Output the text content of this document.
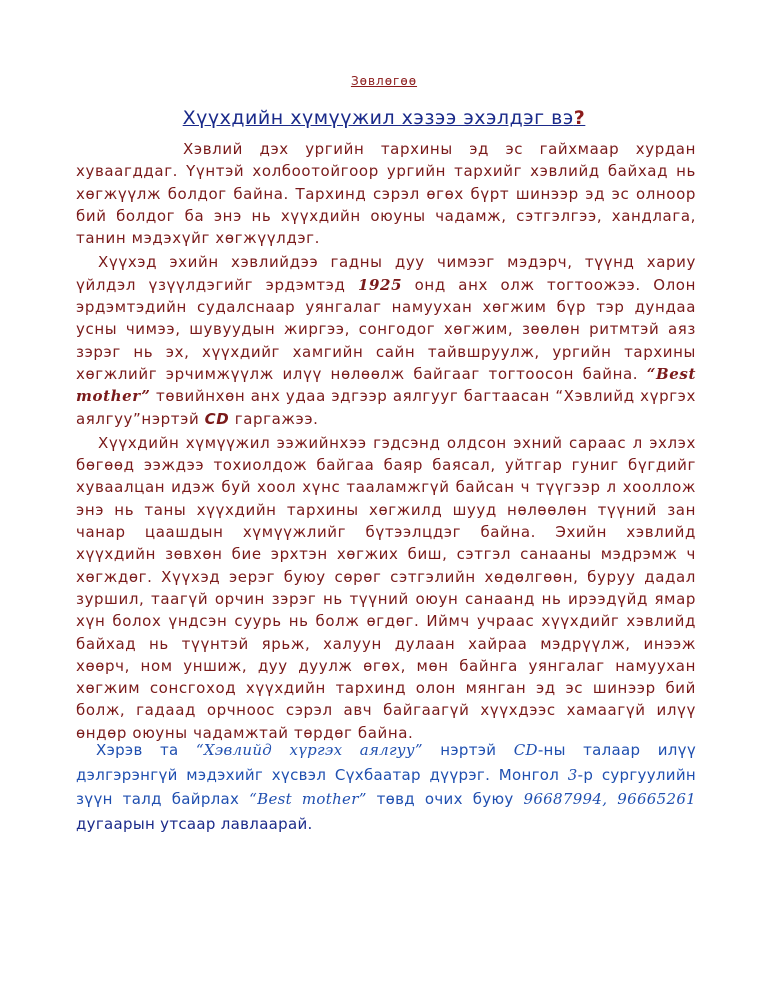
Зөвлөгөө
Хүүхдийн хүмүүжил хэзээ эхэлдэг вэ?

Хэвлий дэх ургийн тархины эд эс гайхмаар хурдан хуваагддаг. Үүнтэй холбоотойгоор ургийн тархийг хэвлийд байхад нь хөгжүүлж болдог байна. Тархинд сэрэл өгөх бүрт шинээр эд эс олноор бий болдог ба энэ нь хүүхдийн оюуны чадамж, сэтгэлгээ, хандлага, танин мэдэхүйг хөгжүүлдэг.

Хүүхэд эхийн хэвлийдээ гадны дуу чимээг мэдэрч, түүнд хариу үйлдэл үзүүлдэгийг эрдэмтэд 1925 онд анх олж тогтоожээ. Олон эрдэмтэдийн судалснаар уянгалаг намуухан хөгжим бүр тэр дундаа усны чимээ, шувуудын жиргээ, сонгодог хөгжим, зөөлөн ритмтэй аяз зэрэг нь эх, хүүхдийг хамгийн сайн тайвшруулж, ургийн тархины хөгжлийг эрчимжүүлж илүү нөлөөлж байгааг тогтоосон байна. “Best mother” төвийнхөн анх удаа эдгээр аялгууг багтаасан “Хэвлийд хүргэх аялгуу”нэртэй CD гаргажээ.

Хүүхдийн хүмүүжил ээжийнхээ гэдсэнд олдсон эхний сараас л эхлэх бөгөөд ээждээ тохиолдож байгаа баяр баясал, уйтгар гуниг бүгдийг хуваалцан идэж буй хоол хүнс тааламжгүй байсан ч түүгээр л хооллож энэ нь таны хүүхдийн тархины хөгжилд шууд нөлөөлөн түүний зан чанар цаашдын хүмүүжлийг бүтээлцдэг байна. Эхийн хэвлийд хүүхдийн зөвхөн бие эрхтэн хөгжих биш, сэтгэл санааны мэдрэмж ч хөгждөг. Хүүхэд эерэг буюу сөрөг сэтгэлийн хөдөлгөөн, буруу дадал зуршил, таагүй орчин зэрэг нь түүний оюун санаанд нь ирээдүйд ямар хүн болох үндсэн суурь нь болж өгдөг. Иймч учраас хүүхдийг хэвлийд байхад нь түүнтэй ярьж, халуун дулаан хайраа мэдрүүлж, инээж хөөрч, ном уншиж, дуу дуулж өгөх, мөн байнга уянгалаг намуухан хөгжим сонсгоход хүүхдийн тархинд олон мянган эд эс шинээр бий болж, гадаад орчноос сэрэл авч байгаагүй хүүхдээс хамаагүй илүү өндөр оюуны чадамжтай төрдөг байна.

Хэрэв та “Хэвлийд хүргэх аялгуу” нэртэй CD-ны талаар илүү дэлгэрэнгүй мэдэхийг хүсвэл Сүхбаатар дүүрэг. Монгол 3-р сургуулийн зүүн талд байрлах “Best mother” төвд очих буюу 96687994, 96665261 дугаарын утсаар лавлаарай.
